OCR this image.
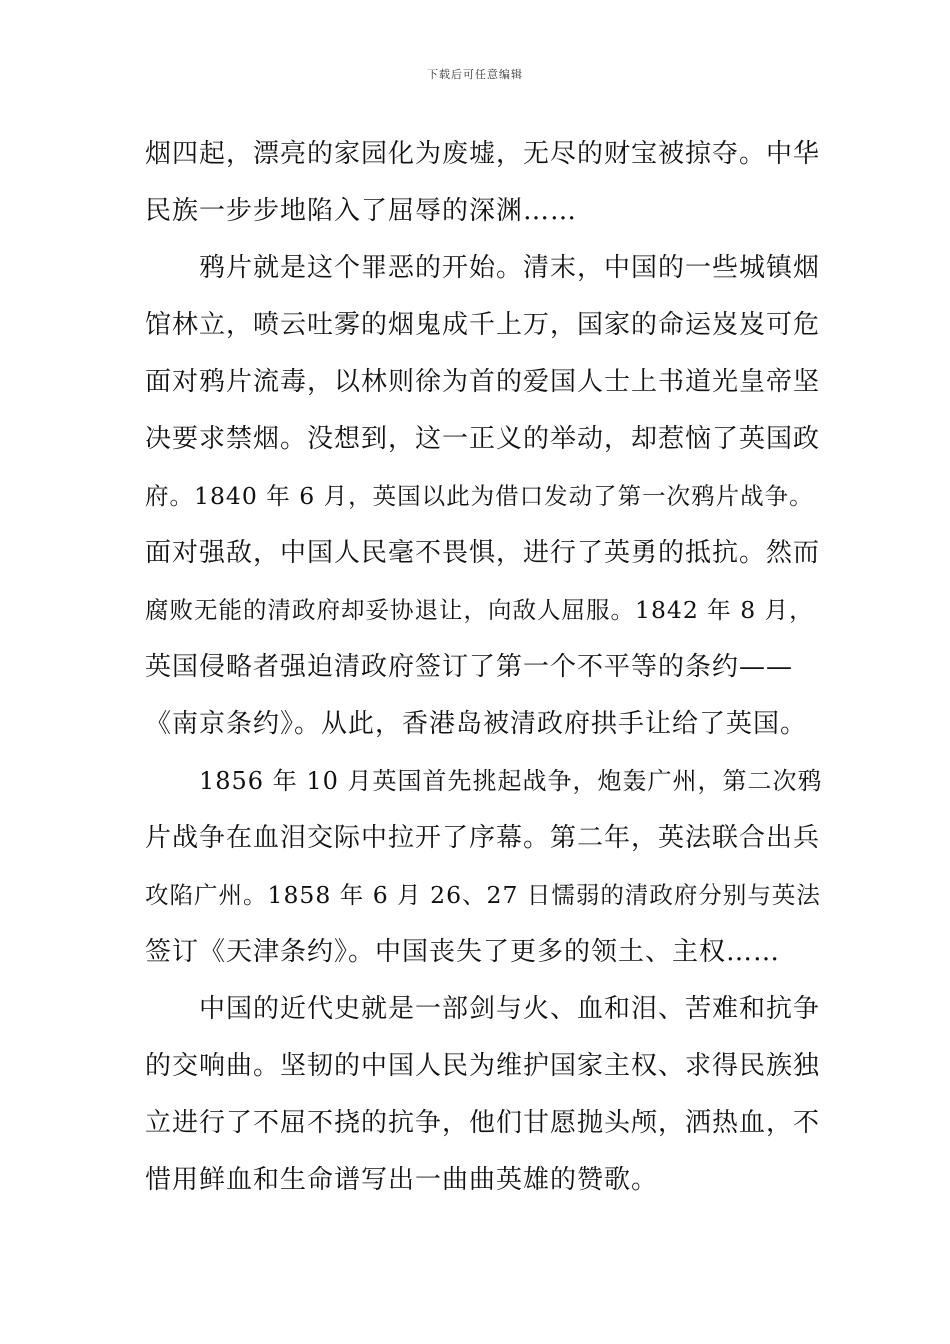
下载后可任意编辑
烟四起，漂亮的家园化为废墟，无尽的财宝被掠夺。中华
民族一步步地陷入了屈辱的深渊……
鸦片就是这个罪恶的开始。清末，中国的一些城镇烟
馆林立，喷云吐雾的烟鬼成千上万，国家的命运岌岌可危
面对鸦片流毒，以林则徐为首的爱国人士上书道光皇帝坚
决要求禁烟。没想到，这一正义的举动，却惹恼了英国政
府。1840 年 6 月，英国以此为借口发动了第一次鸦片战争。
面对强敌，中国人民毫不畏惧，进行了英勇的抵抗。然而
腐败无能的清政府却妥协退让，向敌人屈服。1842 年 8 月，
英国侵略者强迫清政府签订了第一个不平等的条约——
《南京条约》。从此，香港岛被清政府拱手让给了英国。
1856 年 10 月英国首先挑起战争，炮轰广州，第二次鸦
片战争在血泪交际中拉开了序幕。第二年，英法联合出兵
攻陷广州。1858 年 6 月 26、27 日懦弱的清政府分别与英法
签订《天津条约》。中国丧失了更多的领土、主权……
中国的近代史就是一部剑与火、血和泪、苦难和抗争
的交响曲。坚韧的中国人民为维护国家主权、求得民族独
立进行了不屈不挠的抗争，他们甘愿抛头颅，洒热血，不
惜用鲜血和生命谱写出一曲曲英雄的赞歌。
